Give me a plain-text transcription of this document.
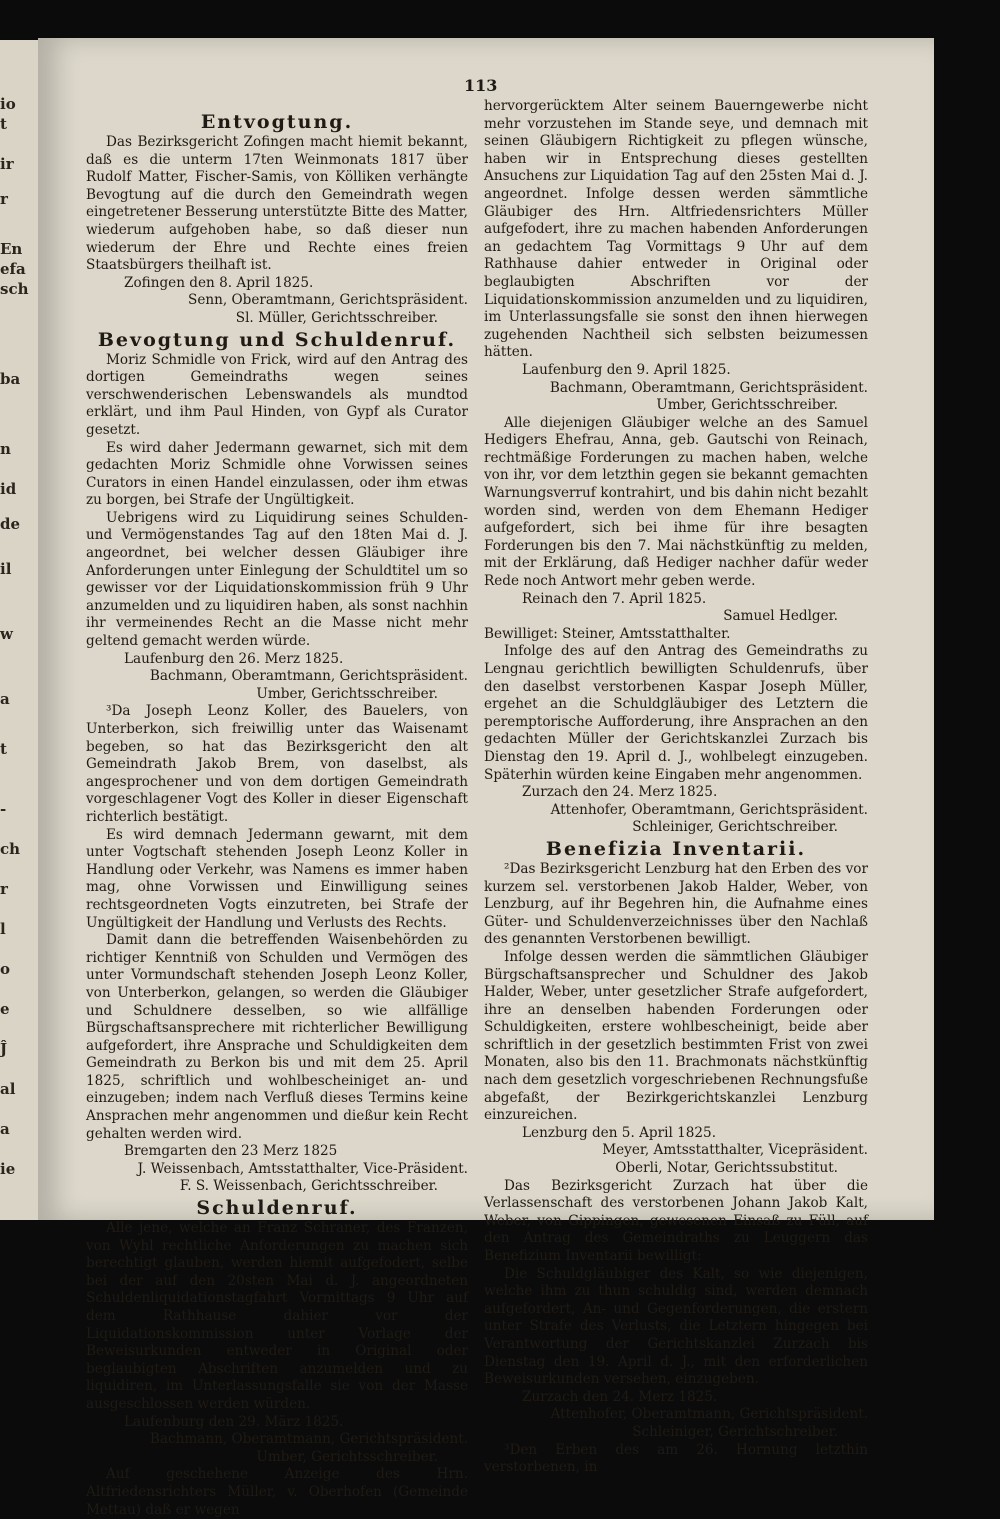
io
t
ir
r
En
efa
sch
ba
n
id
de
il
w
a
t
-
ch
r
l
o
e
Ĵ
al
a
ie
113
Entvogtung.

Das Bezirksgericht Zofingen macht hiemit bekannt, daß es die unterm 17ten Weinmonats 1817 über Rudolf Matter, Fischer-Samis, von Kölliken verhängte Bevogtung auf die durch den Gemeindrath wegen eingetretener Besserung unterstützte Bitte des Matter, wiederum aufgehoben habe, so daß dieser nun wiederum der Ehre und Rechte eines freien Staatsbürgers theilhaft ist.

Zofingen den 8. April 1825.

Senn, Oberamtmann, Gerichtspräsident.

Sl. Müller, Gerichtsschreiber.

Bevogtung und Schuldenruf.

Moriz Schmidle von Frick, wird auf den Antrag des dortigen Gemeindraths wegen seines verschwenderischen Lebenswandels als mundtod erklärt, und ihm Paul Hinden, von Gypf als Curator gesetzt.

Es wird daher Jedermann gewarnet, sich mit dem gedachten Moriz Schmidle ohne Vorwissen seines Curators in einen Handel einzulassen, oder ihm etwas zu borgen, bei Strafe der Ungültigkeit.

Uebrigens wird zu Liquidirung seines Schulden- und Vermögenstandes Tag auf den 18ten Mai d. J. angeordnet, bei welcher dessen Gläubiger ihre Anforderungen unter Einlegung der Schuldtitel um so gewisser vor der Liquidationskommission früh 9 Uhr anzumelden und zu liquidiren haben, als sonst nachhin ihr vermeinendes Recht an die Masse nicht mehr geltend gemacht werden würde.

Laufenburg den 26. Merz 1825.

Bachmann, Oberamtmann, Gerichtspräsident.

Umber, Gerichtsschreiber.

³Da Joseph Leonz Koller, des Bauelers, von Unterberkon, sich freiwillig unter das Waisenamt begeben, so hat das Bezirksgericht den alt Gemeindrath Jakob Brem, von daselbst, als angesprochener und von dem dortigen Gemeindrath vorgeschlagener Vogt des Koller in dieser Eigenschaft richterlich bestätigt.

Es wird demnach Jedermann gewarnt, mit dem unter Vogtschaft stehenden Joseph Leonz Koller in Handlung oder Verkehr, was Namens es immer haben mag, ohne Vorwissen und Einwilligung seines rechtsgeordneten Vogts einzutreten, bei Strafe der Ungültigkeit der Handlung und Verlusts des Rechts.

Damit dann die betreffenden Waisenbehörden zu richtiger Kenntniß von Schulden und Vermögen des unter Vormundschaft stehenden Joseph Leonz Koller, von Unterberkon, gelangen, so werden die Gläubiger und Schuldnere desselben, so wie allfällige Bürgschaftsansprechere mit richterlicher Bewilligung aufgefordert, ihre Ansprache und Schuldigkeiten dem Gemeindrath zu Berkon bis und mit dem 25. April 1825, schriftlich und wohlbescheiniget an- und einzugeben; indem nach Verfluß dieses Termins keine Ansprachen mehr angenommen und dießur kein Recht gehalten werden wird.

Bremgarten den 23 Merz 1825

J. Weissenbach, Amtsstatthalter, Vice-Präsident.

F. S. Weissenbach, Gerichtsschreiber.

Schuldenruf.

Alle jene, welche an Franz Schraner, des Franzen, von Wyhl rechtliche Anforderungen zu machen sich berechtigt glauben, werden hiemit aufgefodert, selbe bei der auf den 20sten Mai d. J. angeordneten Schuldenliquidationstagfahrt Vormittags 9 Uhr auf dem Rathhause dahier vor der Liquidationskommission unter Vorlage der Beweisurkunden entweder in Original oder beglaubigten Abschriften anzumelden und zu liquidiren, im Unterlassungsfalle sie von der Masse ausgeschlossen werden würden.

Laufenburg den 29. März 1825.

Bachmann, Oberamtmann, Gerichtspräsident.

Umber, Gerichtsschreiber.

Auf geschehene Anzeige des Hrn. Altfriedensrichters Müller, v. Oberhofen (Gemeinde Mettau) daß er wegen

hervorgerücktem Alter seinem Bauerngewerbe nicht mehr vorzustehen im Stande seye, und demnach mit seinen Gläubigern Richtigkeit zu pflegen wünsche, haben wir in Entsprechung dieses gestellten Ansuchens zur Liquidation Tag auf den 25sten Mai d. J. angeordnet. Infolge dessen werden sämmtliche Gläubiger des Hrn. Altfriedensrichters Müller aufgefodert, ihre zu machen habenden Anforderungen an gedachtem Tag Vormittags 9 Uhr auf dem Rathhause dahier entweder in Original oder beglaubigten Abschriften vor der Liquidationskommission anzumelden und zu liquidiren, im Unterlassungsfalle sie sonst den ihnen hierwegen zugehenden Nachtheil sich selbsten beizumessen hätten.

Laufenburg den 9. April 1825.

Bachmann, Oberamtmann, Gerichtspräsident.

Umber, Gerichtsschreiber.

Alle diejenigen Gläubiger welche an des Samuel Hedigers Ehefrau, Anna, geb. Gautschi von Reinach, rechtmäßige Forderungen zu machen haben, welche von ihr, vor dem letzthin gegen sie bekannt gemachten Warnungsverruf kontrahirt, und bis dahin nicht bezahlt worden sind, werden von dem Ehemann Hediger aufgefordert, sich bei ihme für ihre besagten Forderungen bis den 7. Mai nächstkünftig zu melden, mit der Erklärung, daß Hediger nachher dafür weder Rede noch Antwort mehr geben werde.

Reinach den 7. April 1825.

Samuel Hedlger.

Bewilliget: Steiner, Amtsstatthalter.

Infolge des auf den Antrag des Gemeindraths zu Lengnau gerichtlich bewilligten Schuldenrufs, über den daselbst verstorbenen Kaspar Joseph Müller, ergehet an die Schuldgläubiger des Letztern die peremptorische Aufforderung, ihre Ansprachen an den gedachten Müller der Gerichtskanzlei Zurzach bis Dienstag den 19. April d. J., wohlbelegt einzugeben. Späterhin würden keine Eingaben mehr angenommen.

Zurzach den 24. Merz 1825.

Attenhofer, Oberamtmann, Gerichtspräsident.

Schleiniger, Gerichtschreiber.

Benefizia Inventarii.

²Das Bezirksgericht Lenzburg hat den Erben des vor kurzem sel. verstorbenen Jakob Halder, Weber, von Lenzburg, auf ihr Begehren hin, die Aufnahme eines Güter- und Schuldenverzeichnisses über den Nachlaß des genannten Verstorbenen bewilligt.

Infolge dessen werden die sämmtlichen Gläubiger Bürgschaftsansprecher und Schuldner des Jakob Halder, Weber, unter gesetzlicher Strafe aufgefordert, ihre an denselben habenden Forderungen oder Schuldigkeiten, erstere wohlbescheinigt, beide aber schriftlich in der gesetzlich bestimmten Frist von zwei Monaten, also bis den 11. Brachmonats nächstkünftig nach dem gesetzlich vorgeschriebenen Rechnungsfuße abgefaßt, der Bezirkgerichtskanzlei Lenzburg einzureichen.

Lenzburg den 5. April 1825.

Meyer, Amtsstatthalter, Vicepräsident.

Oberli, Notar, Gerichtssubstitut.

Das Bezirksgericht Zurzach hat über die Verlassenschaft des verstorbenen Johann Jakob Kalt, Weber, von Gippingen, gewesenen Einsaß zu Füll, auf den Antrag des Gemeindraths zu Leuggern das Benefizium Inventarii bewilligt:

Die Schuldgläubiger des Kalt, so wie diejenigen, welche ihm zu thun schuldig sind, werden demnach aufgefordert, An- und Gegenforderungen, die erstern unter Strafe des Verlusts, die Letztern hingegen bei Verantwortung der Gerichtskanzlei Zurzach bis Dienstag den 19. April d. J., mit den erforderlichen Beweisurkunden versehen, einzugeben.

Zurzach den 24. Merz 1825.

Attenhofer, Oberamtmann, Gerichtspräsident.

Schleiniger, Gerichtschreiber.

³Den Erben des am 26. Hornung letzthin verstorbenen, in
